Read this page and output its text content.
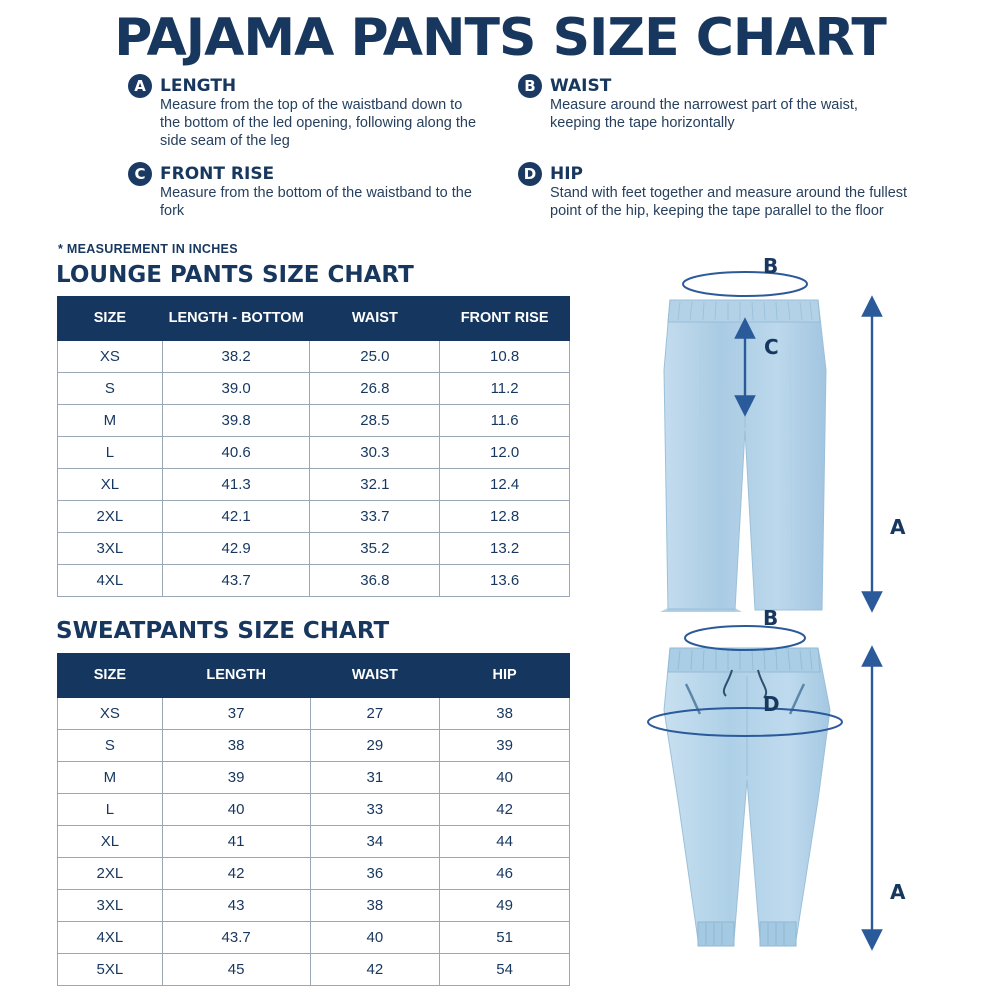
PAJAMA PANTS SIZE CHART
A LENGTH
Measure from the top of the waistband down to the bottom of the led opening, following along the side seam of the leg
B WAIST
Measure around the narrowest part of the waist, keeping the tape horizontally
C FRONT RISE
Measure from the bottom of the waistband to the fork
D HIP
Stand with feet together and measure around the fullest point of the hip, keeping the tape parallel to the floor
* MEASUREMENT IN INCHES
LOUNGE PANTS SIZE CHART
SIZE	LENGTH - BOTTOM	WAIST	FRONT RISE
XS	38.2	25.0	10.8
S	39.0	26.8	11.2
M	39.8	28.5	11.6
L	40.6	30.3	12.0
XL	41.3	32.1	12.4
2XL	42.1	33.7	12.8
3XL	42.9	35.2	13.2
4XL	43.7	36.8	13.6
SWEATPANTS SIZE CHART
SIZE	LENGTH	WAIST	HIP
XS	37	27	38
S	38	29	39
M	39	31	40
L	40	33	42
XL	41	34	44
2XL	42	36	46
3XL	43	38	49
4XL	43.7	40	51
5XL	45	42	54
B
C
A
B
D
A
